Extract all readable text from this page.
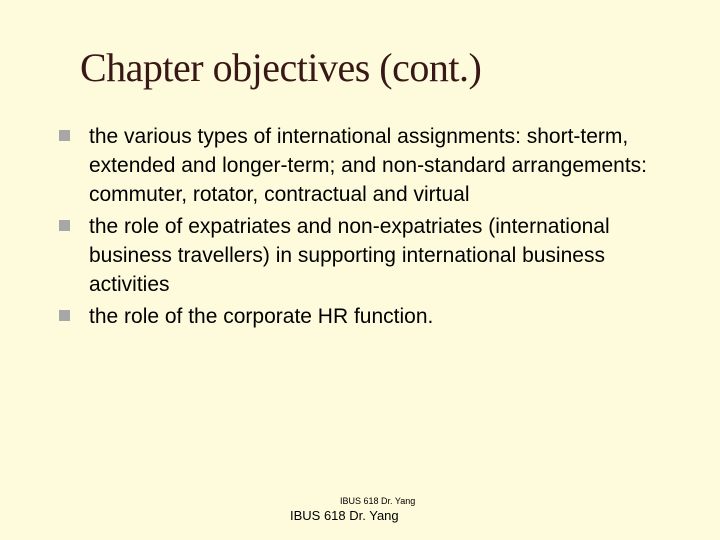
Chapter objectives (cont.)
the various types of international assignments: short-term, extended and longer-term; and non-standard arrangements: commuter, rotator, contractual and virtual
the role of expatriates and non-expatriates (international business travellers) in supporting international business activities
the role of the corporate HR function.
IBUS 618 Dr. Yang
IBUS 618 Dr. Yang
